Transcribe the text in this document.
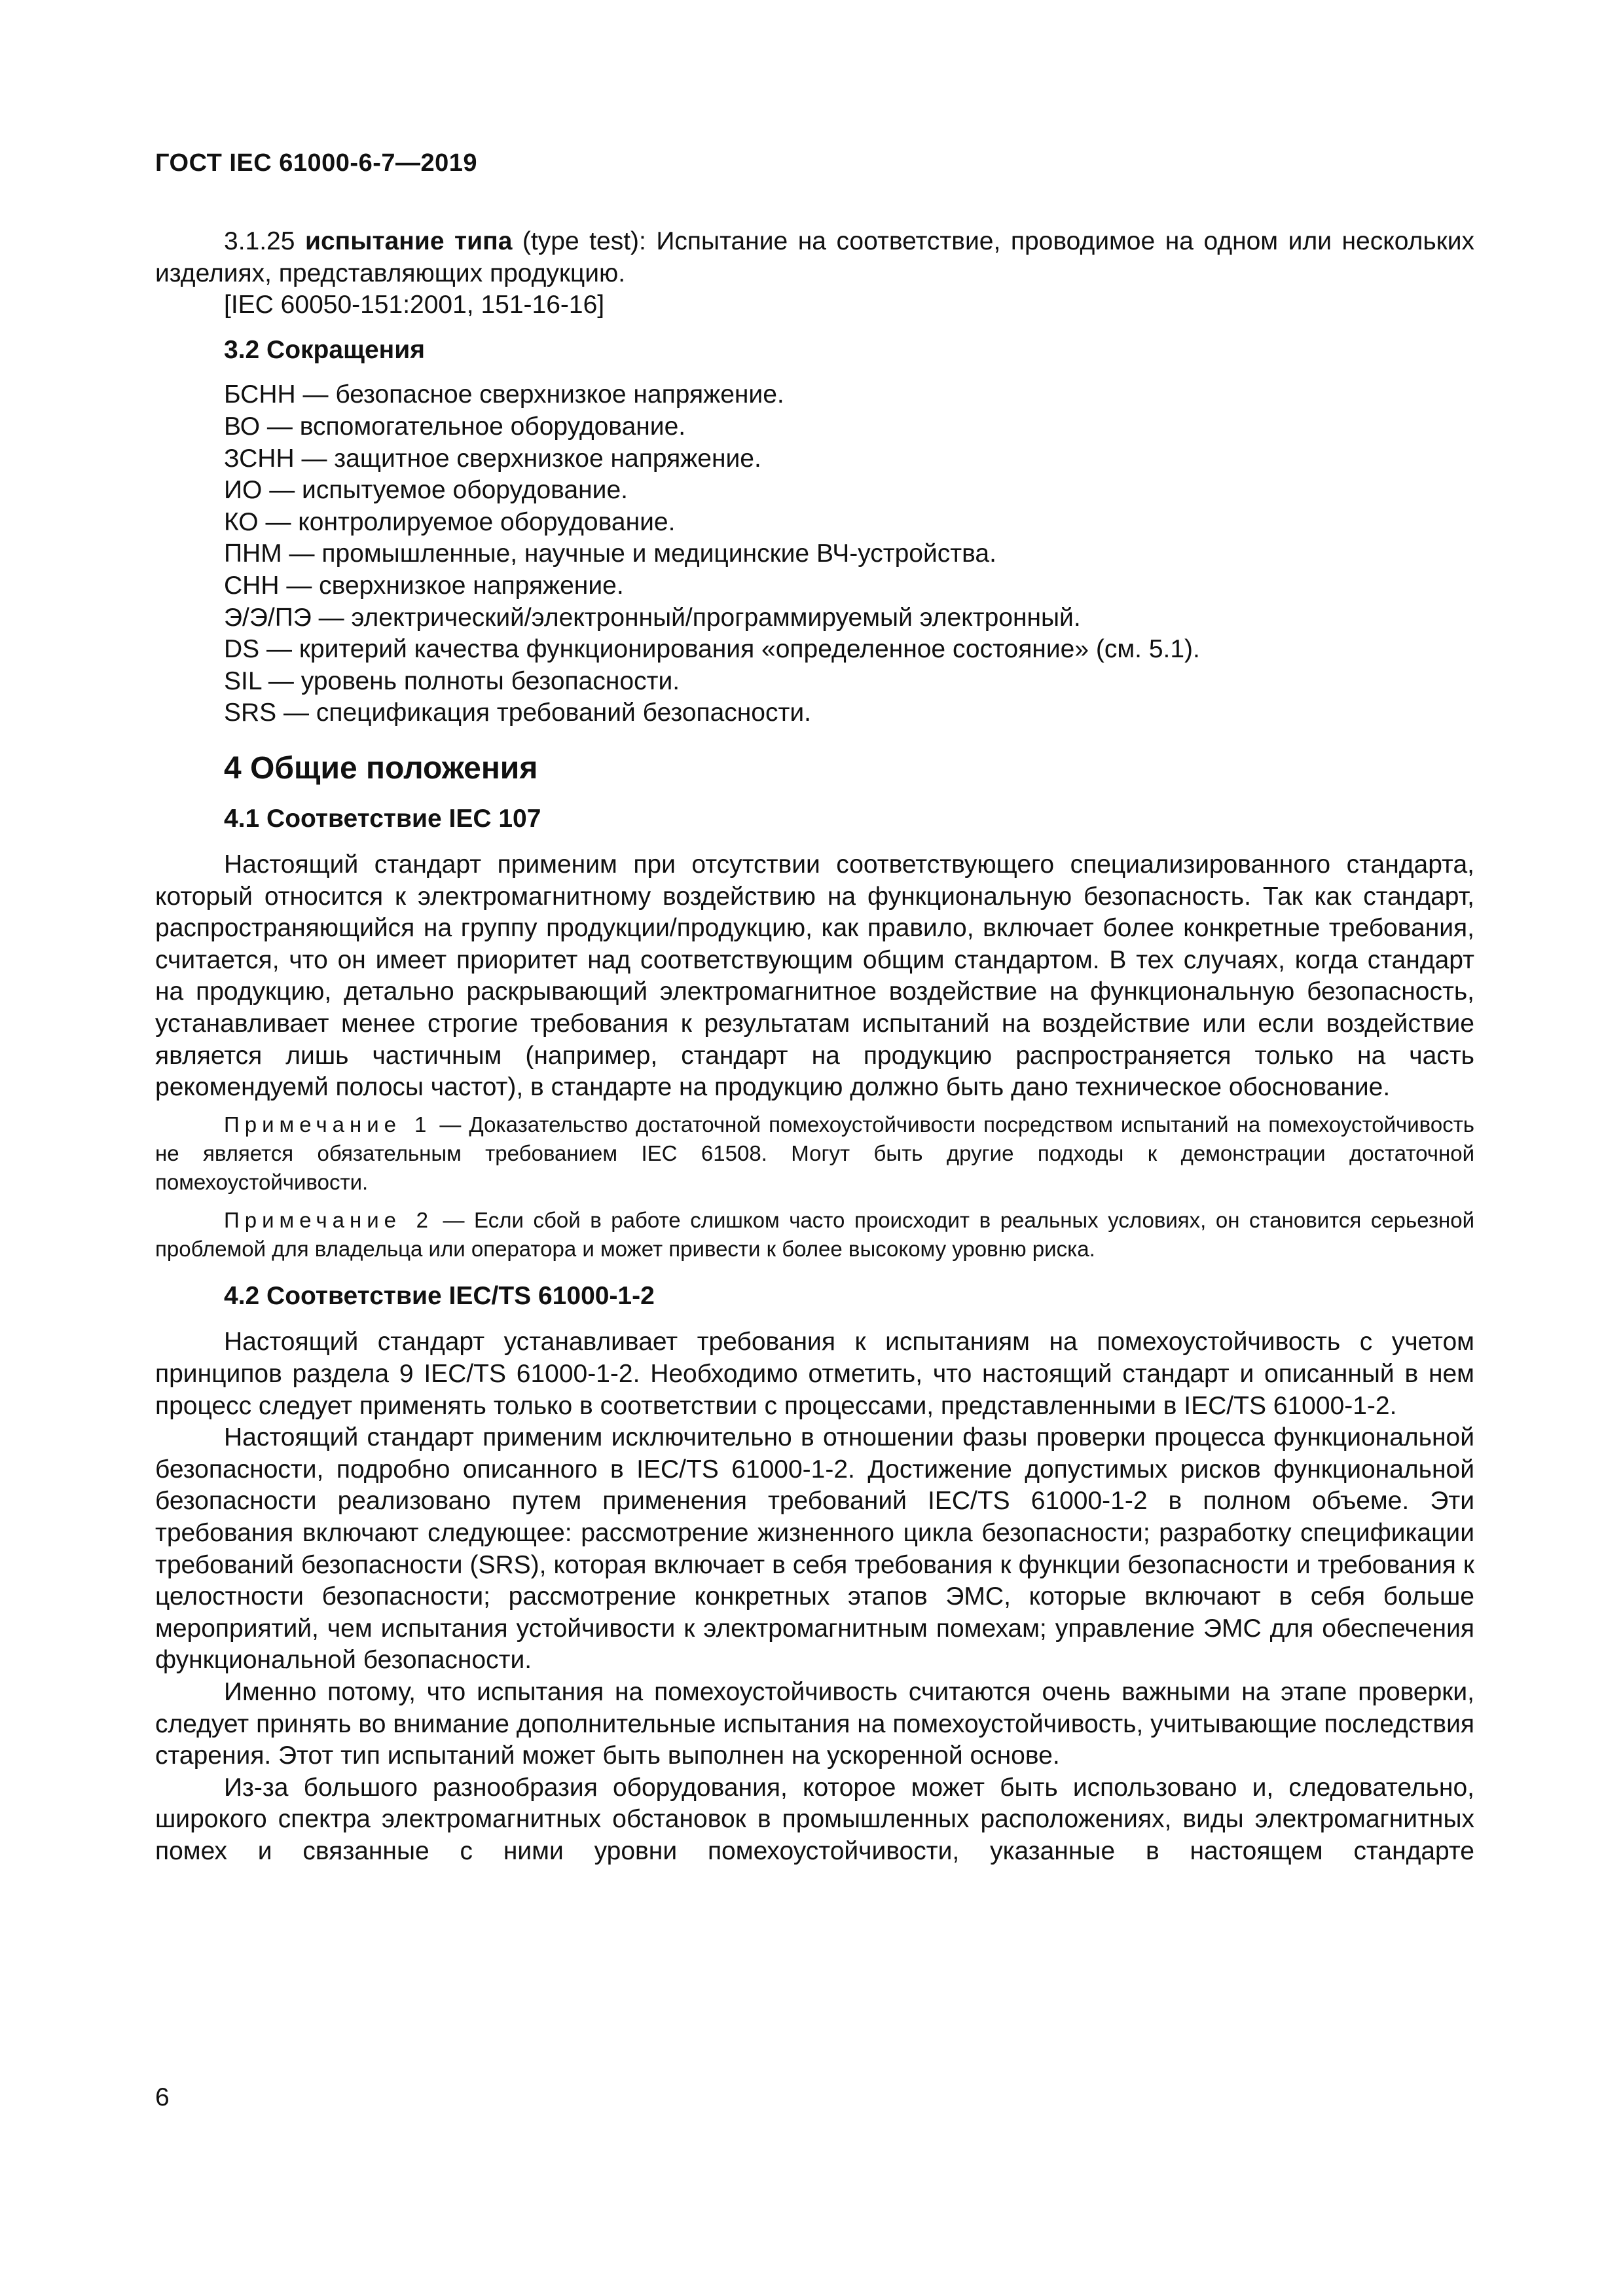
ГОСТ IEC 61000-6-7—2019

3.1.25 испытание типа (type test): Испытание на соответствие, проводимое на одном или нескольких изделиях, представляющих продукцию.

[IEC 60050-151:2001, 151-16-16]

3.2 Сокращения

БСНН — безопасное сверхнизкое напряжение.
ВО — вспомогательное оборудование.
ЗСНН — защитное сверхнизкое напряжение.
ИО — испытуемое оборудование.
КО — контролируемое оборудование.
ПНМ — промышленные, научные и медицинские ВЧ-устройства.
СНН — сверхнизкое напряжение.
Э/Э/ПЭ — электрический/электронный/программируемый электронный.
DS — критерий качества функционирования «определенное состояние» (см. 5.1).
SIL — уровень полноты безопасности.
SRS — спецификация требований безопасности.

4 Общие положения

4.1 Соответствие IEC 107

Настоящий стандарт применим при отсутствии соответствующего специализированного стандарта, который относится к электромагнитному воздействию на функциональную безопасность. Так как стандарт, распространяющийся на группу продукции/продукцию, как правило, включает более конкретные требования, считается, что он имеет приоритет над соответствующим общим стандартом. В тех случаях, когда стандарт на продукцию, детально раскрывающий электромагнитное воздействие на функциональную безопасность, устанавливает менее строгие требования к результатам испытаний на воздействие или если воздействие является лишь частичным (например, стандарт на продукцию распространяется только на часть рекомендуемй полосы частот), в стандарте на продукцию должно быть дано техническое обоснование.

Примечание 1 — Доказательство достаточной помехоустойчивости посредством испытаний на помехоустойчивость не является обязательным требованием IEC 61508. Могут быть другие подходы к демонстрации достаточной помехоустойчивости.

Примечание 2 — Если сбой в работе слишком часто происходит в реальных условиях, он становится серьезной проблемой для владельца или оператора и может привести к более высокому уровню риска.

4.2 Соответствие IEC/TS 61000-1-2

Настоящий стандарт устанавливает требования к испытаниям на помехоустойчивость с учетом принципов раздела 9 IEC/TS 61000-1-2. Необходимо отметить, что настоящий стандарт и описанный в нем процесс следует применять только в соответствии с процессами, представленными в IEC/TS 61000-1-2.

Настоящий стандарт применим исключительно в отношении фазы проверки процесса функциональной безопасности, подробно описанного в IEC/TS 61000-1-2. Достижение допустимых рисков функциональной безопасности реализовано путем применения требований IEC/TS 61000-1-2 в полном объеме. Эти требования включают следующее: рассмотрение жизненного цикла безопасности; разработку спецификации требований безопасности (SRS), которая включает в себя требования к функции безопасности и требования к целостности безопасности; рассмотрение конкретных этапов ЭМС, которые включают в себя больше мероприятий, чем испытания устойчивости к электромагнитным помехам; управление ЭМС для обеспечения функциональной безопасности.

Именно потому, что испытания на помехоустойчивость считаются очень важными на этапе проверки, следует принять во внимание дополнительные испытания на помехоустойчивость, учитывающие последствия старения. Этот тип испытаний может быть выполнен на ускоренной основе.

Из-за большого разнообразия оборудования, которое может быть использовано и, следовательно, широкого спектра электромагнитных обстановок в промышленных расположениях, виды электромагнитных помех и связанные с ними уровни помехоустойчивости, указанные в настоящем стандарте

6
